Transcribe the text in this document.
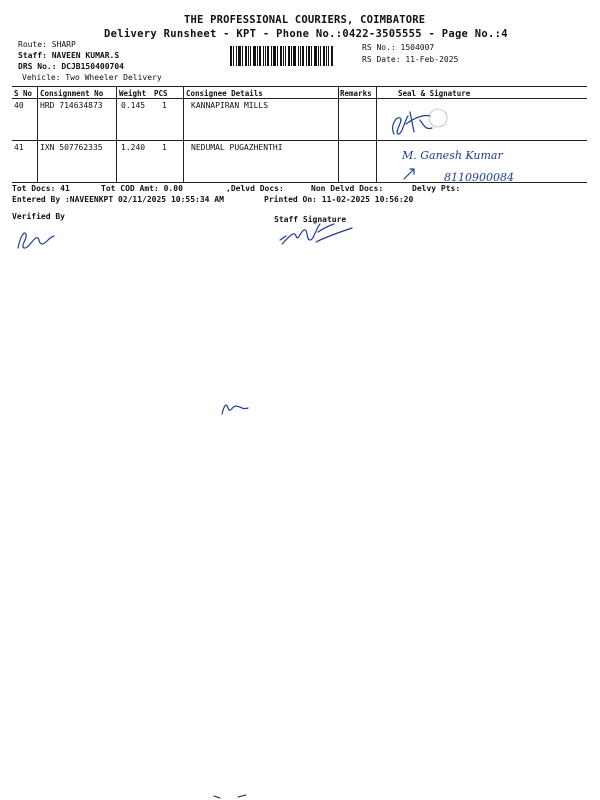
THE PROFESSIONAL COURIERS, COIMBATORE
Delivery Runsheet - KPT - Phone No.:0422-3505555 - Page No.:4
Route: SHARP
Staff: NAVEEN KUMAR.S
DRS No.: DCJB150400704
Vehicle: Two Wheeler Delivery
RS No.: 1504007
RS Date: 11-Feb-2025
S No Consignment No Weight PCS Consignee Details	Remarks	Seal & Signature
40 HRD 714634873 0.145 1	KANNAPIRAN MILLS
41 IXN 507762335 1.240 1	NEDUMAL PUGAZHENTHI
M. Ganesh Kumar
8110900084
Tot Docs: 41	Tot COD Amt: 0.00	,Delvd Docs:	Non Delvd Docs:	Delvy Pts:
Entered By :NAVEENKPT 02/11/2025 10:55:34 AM	Printed On: 11-02-2025 10:56:20
Verified By	Staff Signature
